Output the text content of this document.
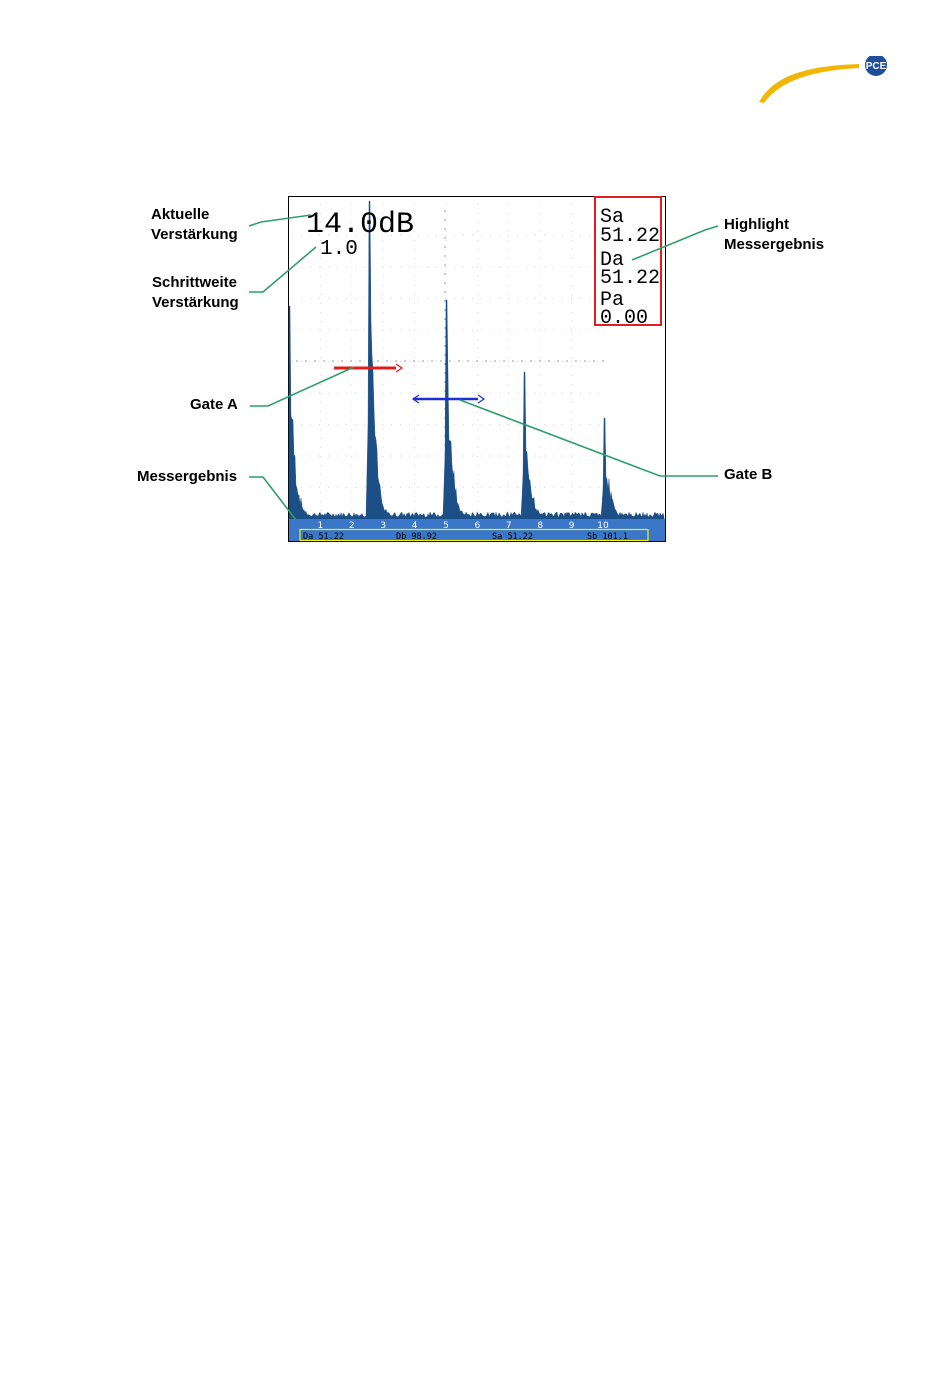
PCE
Aktuelle
Verstärkung
Schrittweite
Verstärkung
Gate A
Messergebnis
Highlight
Messergebnis
Gate B
14.0dB
1.0
Sa
51.22
Da
51.22
Pa
0.00
1	2	3	4	5	6	7	8	9	10
Da 51.22	Db 98.92	Sa 51.22	Sb 101.1
